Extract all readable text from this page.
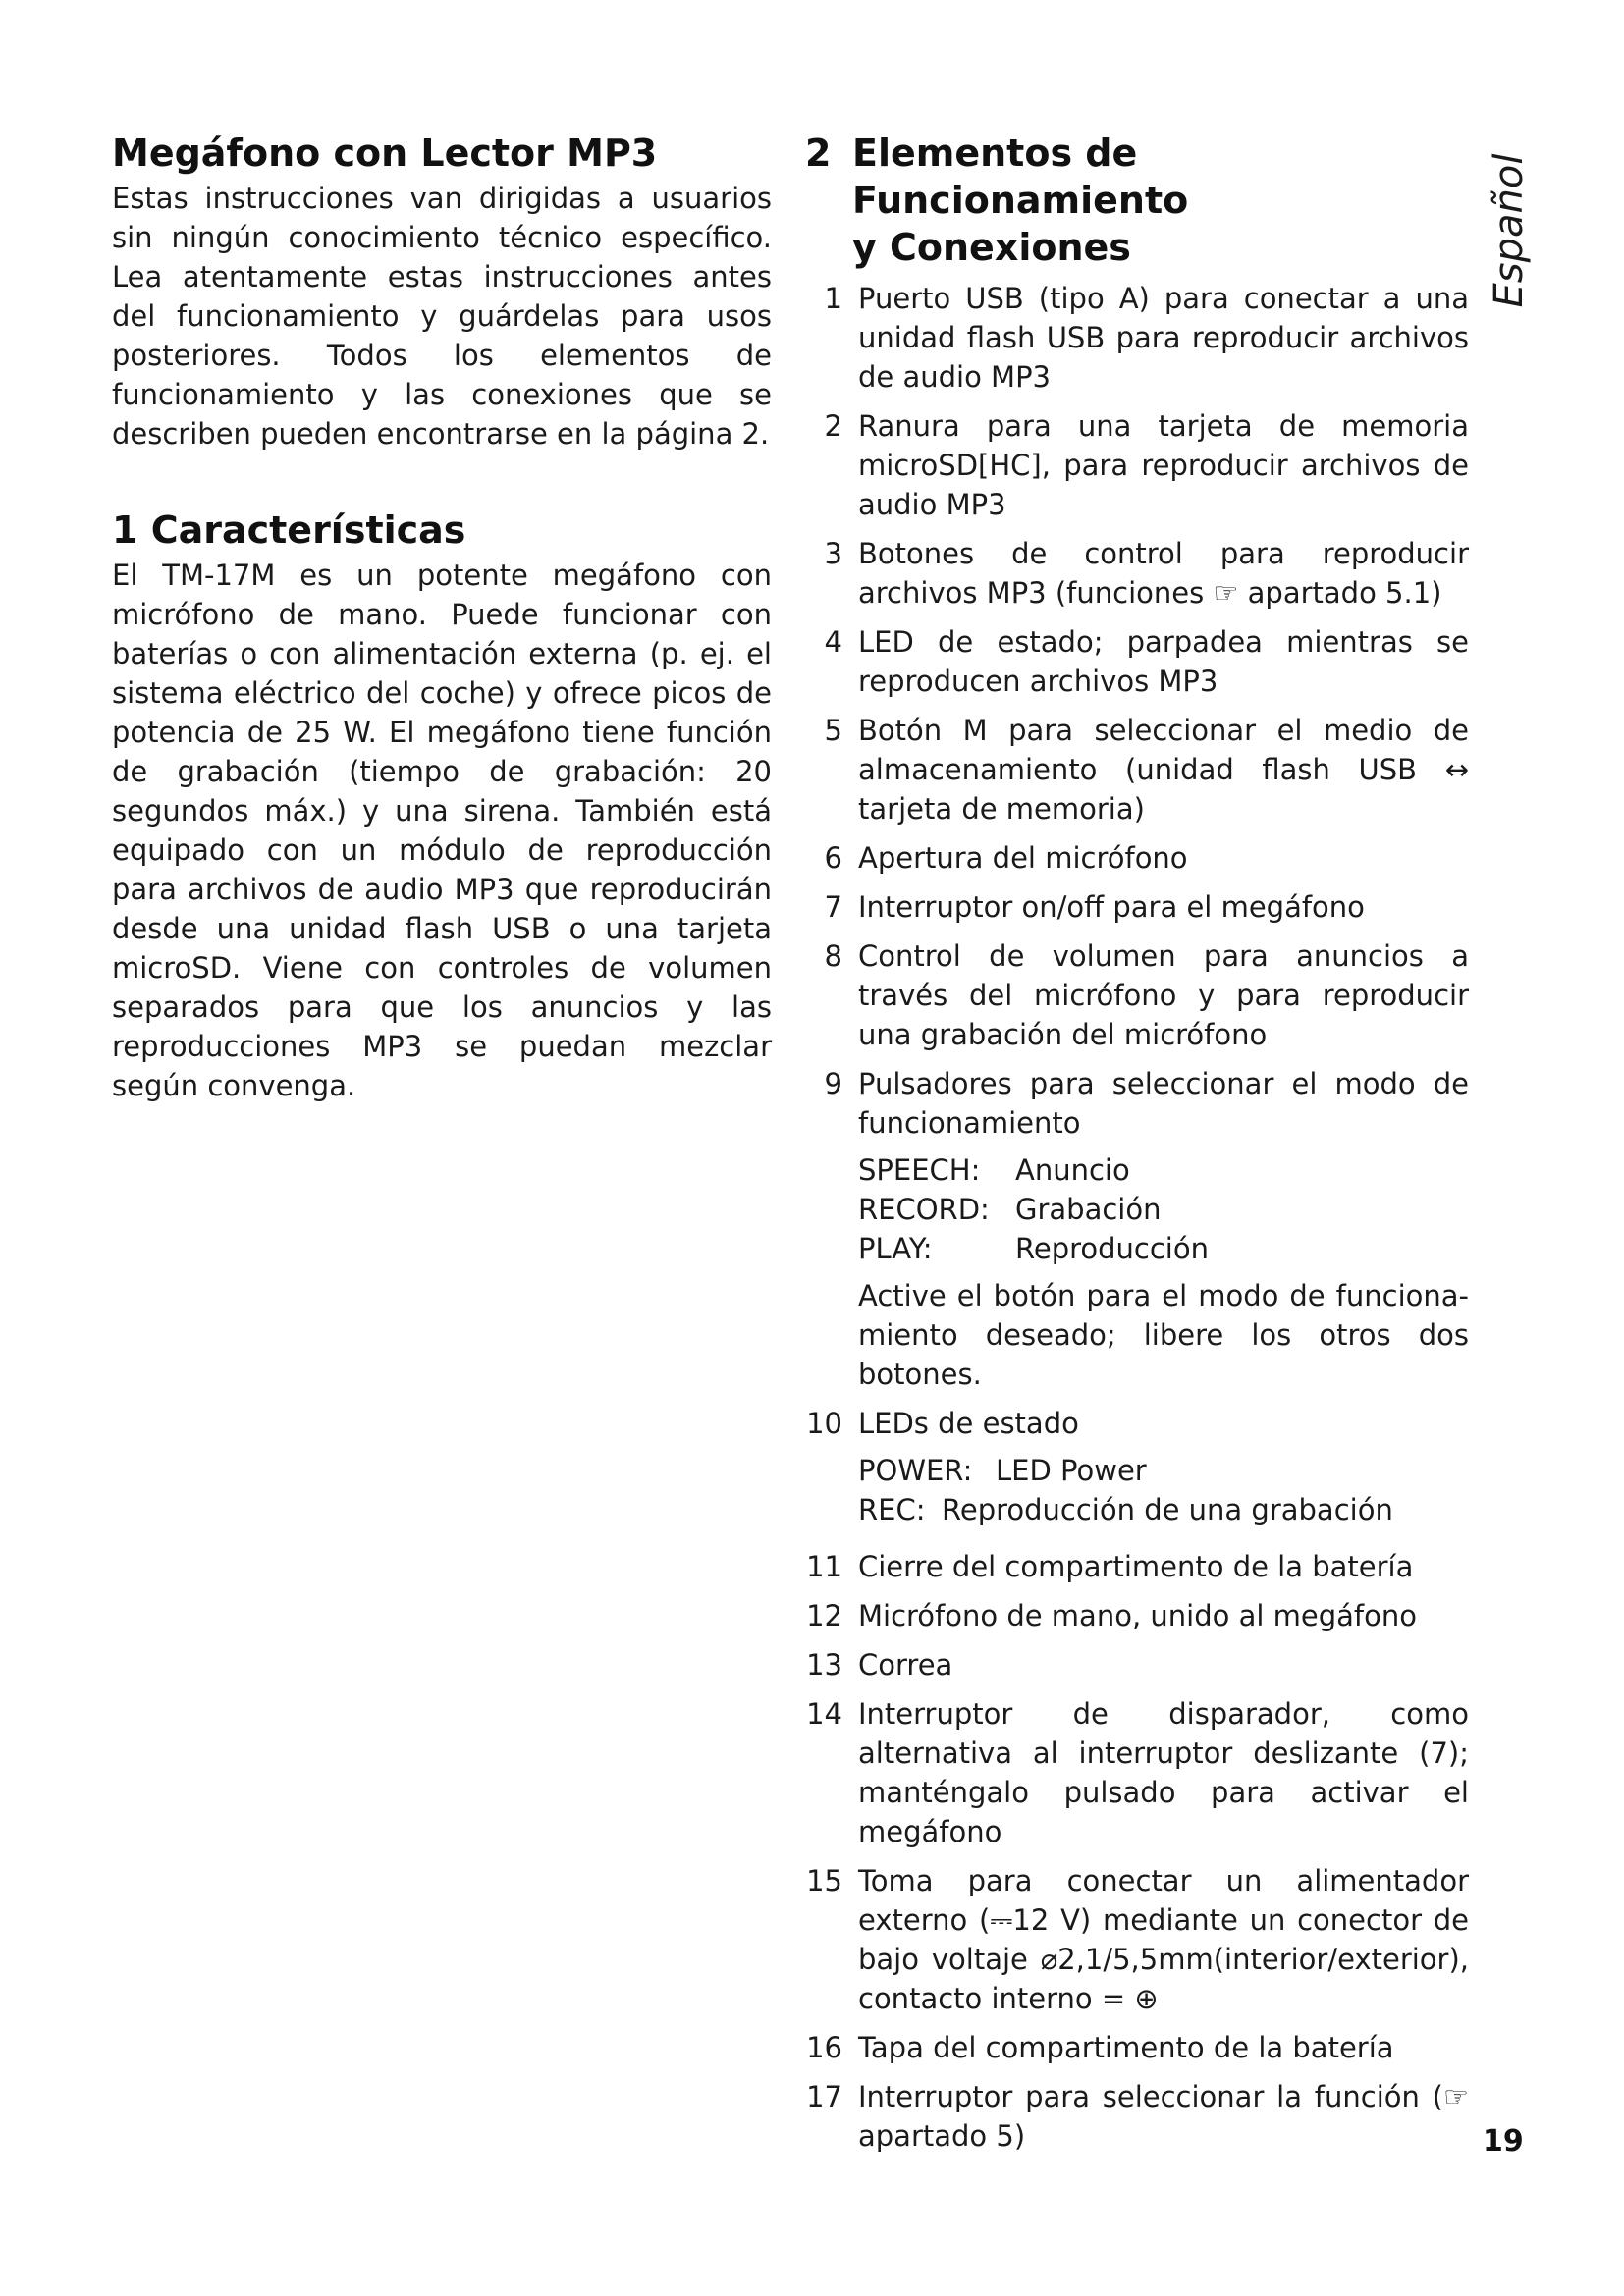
Megáfono con Lector MP3

Estas instrucciones van dirigidas a usuarios sin ningún conocimiento técnico específico. Lea atentamente estas instrucciones antes del funcionamiento y guárdelas para usos posteriores. Todos los elementos de funcionamiento y las conexiones que se describen pueden encontrarse en la página 2.

1 Características

El TM-17M es un potente megáfono con micrófono de mano. Puede funcionar con baterías o con alimentación externa (p. ej. el sistema eléctrico del coche) y ofrece picos de potencia de 25 W. El megáfono tiene función de grabación (tiempo de grabación: 20 segundos máx.) y una sirena. También está equipado con un módulo de reproducción para archivos de audio MP3 que reproducirán desde una unidad flash USB o una tarjeta microSD. Viene con controles de volumen separados para que los anuncios y las reproducciones MP3 se puedan mezclar según convenga.

2 Elementos de Funcionamiento
y Conexiones
1 Puerto USB (tipo A) para conectar a una unidad flash USB para reproducir archivos de audio MP3
2 Ranura para una tarjeta de memoria microSD[HC], para reproducir archivos de audio MP3
3 Botones de control para reproducir archivos MP3 (funciones ☞ apartado 5.1)
4 LED de estado; parpadea mientras se reproducen archivos MP3
5 Botón M para seleccionar el medio de almacenamiento (unidad flash USB ↔ tarjeta de memoria)
6 Apertura del micrófono
7 Interruptor on/off para el megáfono
8 Control de volumen para anuncios a través del micrófono y para reproducir una grabación del micrófono
9 Pulsadores para seleccionar el modo de funcionamiento
SPEECH:	Anuncio
RECORD: Grabación
PLAY:	Reproducción
Active el botón para el modo de funcionamiento deseado; libere los otros dos botones.
10 LEDs de estado
POWER: LED Power
REC: Reproducción de una grabación
11 Cierre del compartimento de la batería
12 Micrófono de mano, unido al megáfono
13 Correa
14 Interruptor de disparador, como alternativa al interruptor deslizante (7); manténgalo pulsado para activar el megáfono
15 Toma para conectar un alimentador externo (⎓12 V) mediante un conector de bajo voltaje ⌀2,1/5,5mm(interior/exterior), contacto interno = ⊕
16 Tapa del compartimento de la batería
17 Interruptor para seleccionar la función (☞ apartado 5)
Español
19
